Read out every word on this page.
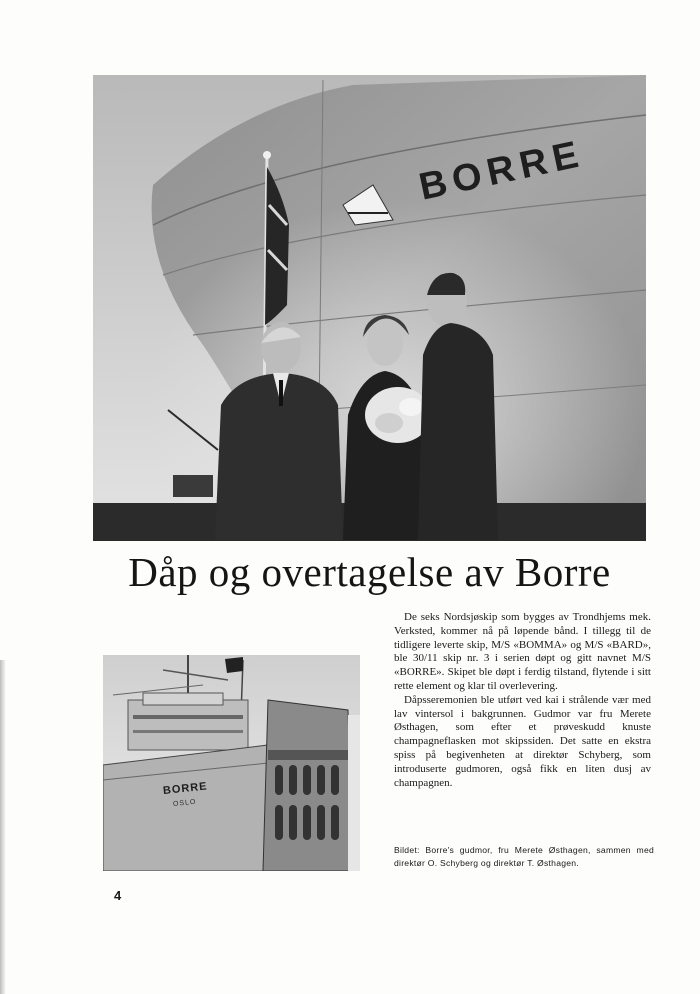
BORRE
Dåp og overtagelse av Borre
BORRE
OSLO

De seks Nordsjøskip som bygges av Trondhjems mek. Verksted, kommer nå på løpende bånd. I tillegg til de tidligere leverte skip, M/S «BOMMA» og M/S «BARD», ble 30/11 skip nr. 3 i serien døpt og gitt navnet M/S «BORRE». Skipet ble døpt i ferdig tilstand, flytende i sitt rette element og klar til overlevering.

Dåpsseremonien ble utført ved kai i strålende vær med lav vintersol i bakgrunnen. Gudmor var fru Merete Østhagen, som efter et prøveskudd knuste champagneflasken mot skipssiden. Det satte en ekstra spiss på begivenheten at direktør Schyberg, som introduserte gudmoren, også fikk en liten dusj av champagnen.

Bildet: Borre's gudmor, fru Merete Østhagen, sammen med direktør O. Schyberg og direktør T. Østhagen.
4
